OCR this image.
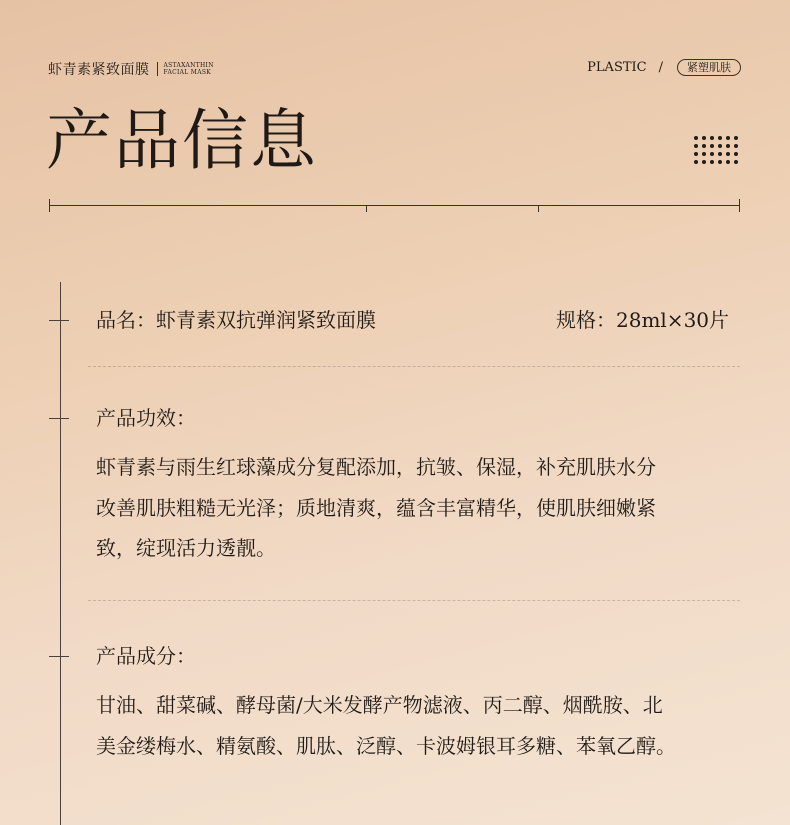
虾青素紧致面膜 ASTAXANTHIN
FACIAL MASK	PLASTIC /	紧塑肌肤
产品信息
品名：虾青素双抗弹润紧致面膜	规格：28ml×30片
产品功效：
虾青素与雨生红球藻成分复配添加，抗皱、保湿，补充肌肤水分
改善肌肤粗糙无光泽；质地清爽，蕴含丰富精华，使肌肤细嫩紧
致，绽现活力透靓。
产品成分：
甘油、甜菜碱、酵母菌/大米发酵产物滤液、丙二醇、烟酰胺、北
美金缕梅水、精氨酸、肌肽、泛醇、卡波姆银耳多糖、苯氧乙醇。
